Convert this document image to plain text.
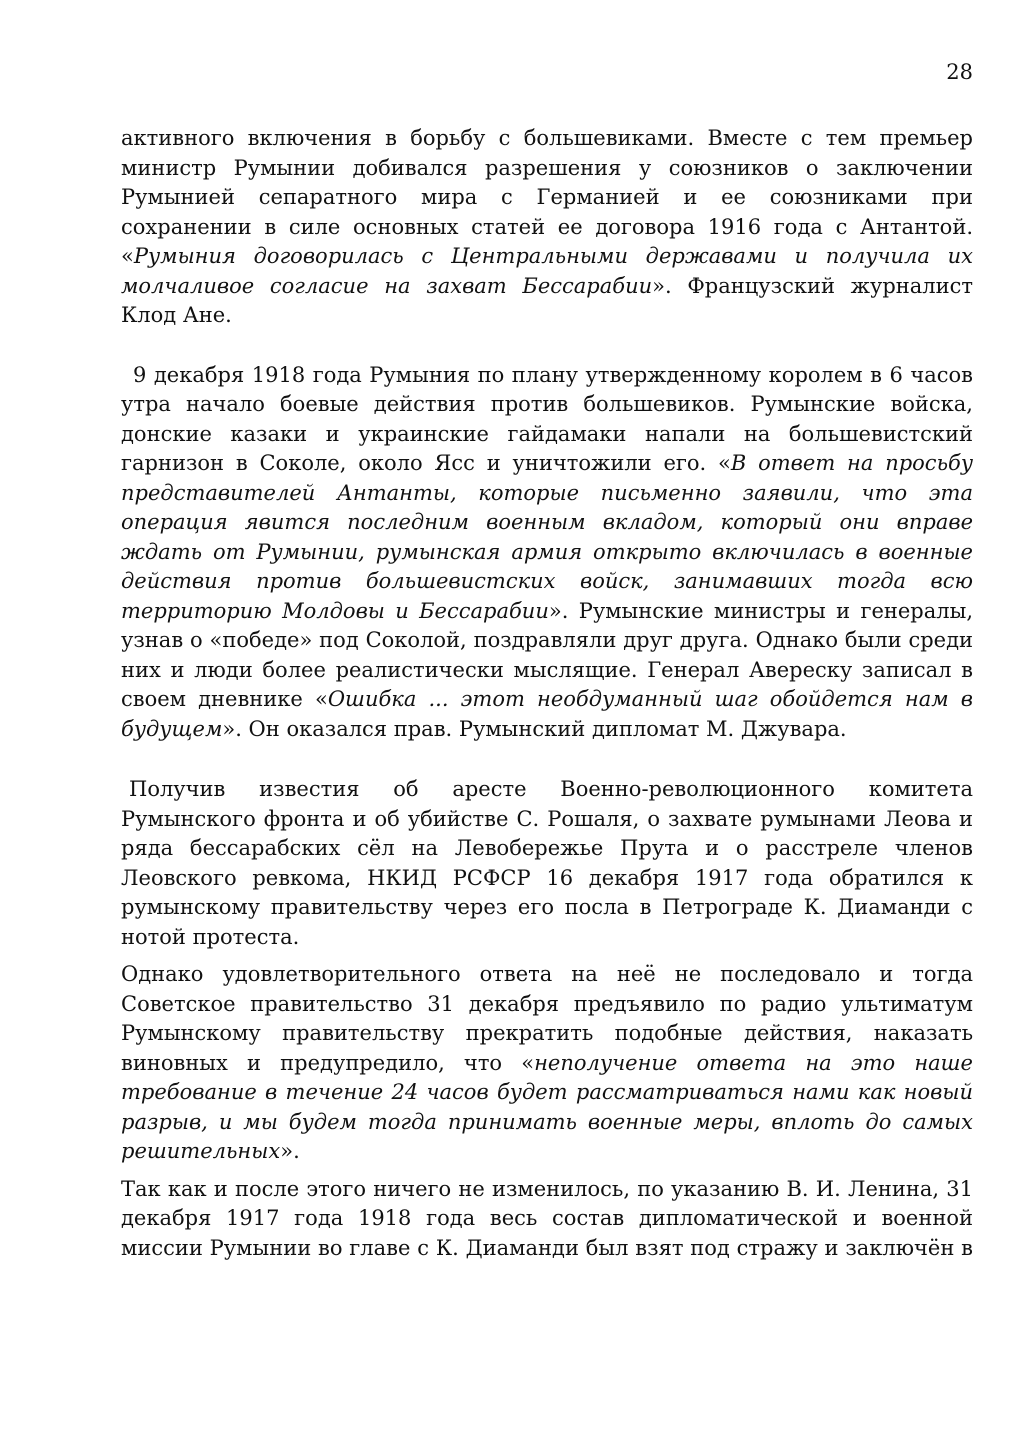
28

активного включения в борьбу с большевиками. Вместе с тем премьер министр Румынии добивался разрешения у союзников о заключении Румынией сепаратного мира с Германией и ее союзниками при сохранении в силе основных статей ее договора 1916 года с Антантой. «Румыния договорилась с Центральными державами и получила их молчаливое согласие на захват Бессарабии». Французский журналист Клод Ане.

9 декабря 1918 года Румыния по плану утвержденному королем в 6 часов утра начало боевые действия против большевиков. Румынские войска, донские казаки и украинские гайдамаки напали на большевистский гарнизон в Соколе, около Ясс и уничтожили его. «В ответ на просьбу представителей Антанты, которые письменно заявили, что эта операция явится последним военным вкладом, который они вправе ждать от Румынии, румынская армия открыто включилась в военные действия против большевистских войск, занимавших тогда всю территорию Молдовы и Бессарабии». Румынские министры и генералы, узнав о «победе» под Соколой, поздравляли друг друга. Однако были среди них и люди более реалистически мыслящие. Генерал Авереску записал в своем дневнике «Ошибка ... этот необдуманный шаг обойдется нам в будущем». Он оказался прав. Румынский дипломат М. Джувара.

Получив известия об аресте Военно-революционного комитета Румынского фронта и об убийстве С. Рошаля, о захвате румынами Леова и ряда бессарабских сёл на Левобережье Прута и о расстреле членов Леовского ревкома, НКИД РСФСР 16 декабря 1917 года обратился к румынскому правительству через его посла в Петрограде К. Диаманди с нотой протеста.

Однако удовлетворительного ответа на неё не последовало и тогда Советское правительство 31 декабря предъявило по радио ультиматум Румынскому правительству прекратить подобные действия, наказать виновных и предупредило, что «неполучение ответа на это наше требование в течение 24 часов будет рассматриваться нами как новый разрыв, и мы будем тогда принимать военные меры, вплоть до самых решительных».

Так как и после этого ничего не изменилось, по указанию В. И. Ленина, 31 декабря 1917 года 1918 года весь состав дипломатической и военной миссии Румынии во главе с К. Диаманди был взят под стражу и заключён в
